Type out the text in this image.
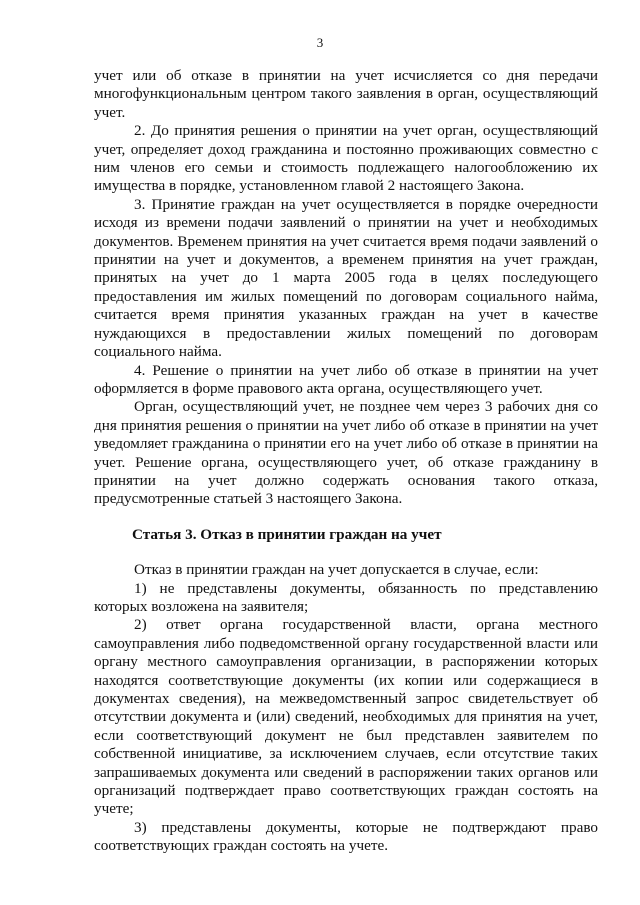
3

учет или об отказе в принятии на учет исчисляется со дня передачи многофункциональным центром такого заявления в орган, осуществляющий учет.

2. До принятия решения о принятии на учет орган, осуществляющий учет, определяет доход гражданина и постоянно проживающих совместно с ним членов его семьи и стоимость подлежащего налогообложению их имущества в порядке, установленном главой 2 настоящего Закона.

3. Принятие граждан на учет осуществляется в порядке очередности исходя из времени подачи заявлений о принятии на учет и необходимых документов. Временем принятия на учет считается время подачи заявлений о принятии на учет и документов, а временем принятия на учет граждан, принятых на учет до 1 марта 2005 года в целях последующего предоставления им жилых помещений по договорам социального найма, считается время принятия указанных граждан на учет в качестве нуждающихся в предоставлении жилых помещений по договорам социального найма.

4. Решение о принятии на учет либо об отказе в принятии на учет оформляется в форме правового акта органа, осуществляющего учет.

Орган, осуществляющий учет, не позднее чем через 3 рабочих дня со дня принятия решения о принятии на учет либо об отказе в принятии на учет уведомляет гражданина о принятии его на учет либо об отказе в принятии на учет. Решение органа, осуществляющего учет, об отказе гражданину в принятии на учет должно содержать основания такого отказа, предусмотренные статьей 3 настоящего Закона.

Статья 3. Отказ в принятии граждан на учет

Отказ в принятии граждан на учет допускается в случае, если:

1) не представлены документы, обязанность по представлению которых возложена на заявителя;

2) ответ органа государственной власти, органа местного самоуправления либо подведомственной органу государственной власти или органу местного самоуправления организации, в распоряжении которых находятся соответствующие документы (их копии или содержащиеся в документах сведения), на межведомственный запрос свидетельствует об отсутствии документа и (или) сведений, необходимых для принятия на учет, если соответствующий документ не был представлен заявителем по собственной инициативе, за исключением случаев, если отсутствие таких запрашиваемых документа или сведений в распоряжении таких органов или организаций подтверждает право соответствующих граждан состоять на учете;

3) представлены документы, которые не подтверждают право соответствующих граждан состоять на учете.
